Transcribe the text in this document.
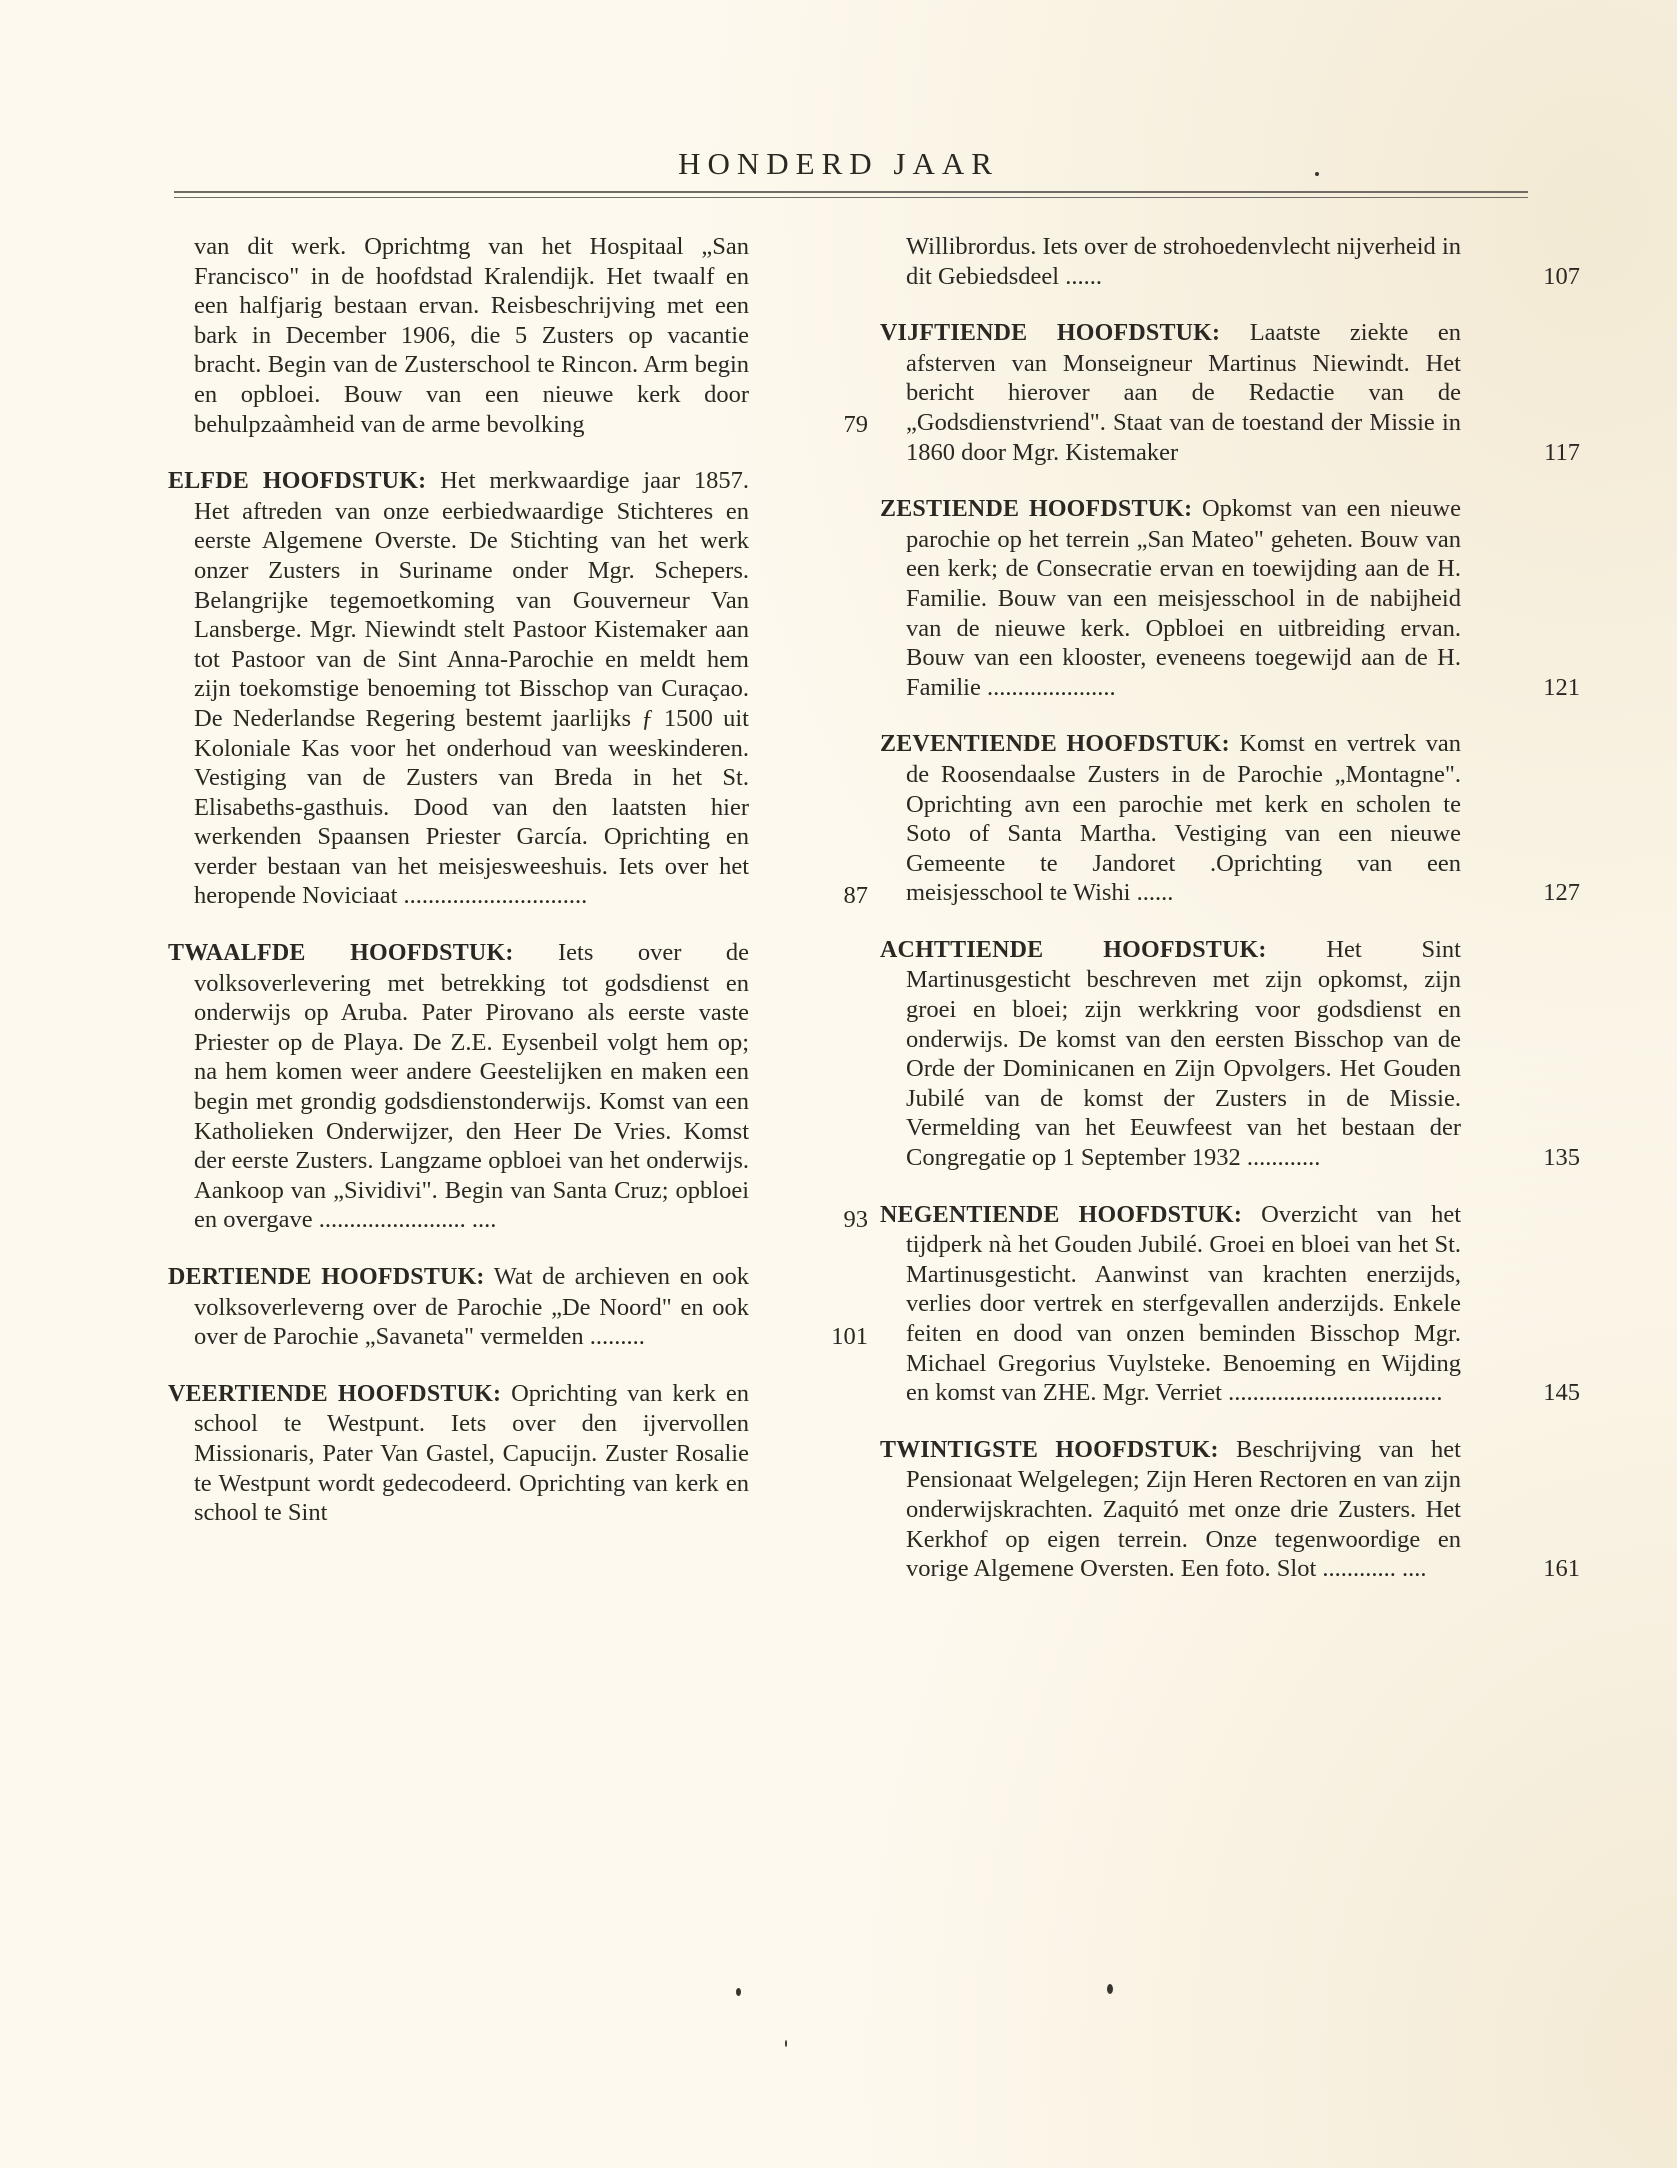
HONDERD JAAR
van dit werk. Oprichtmg van het Hospitaal „San Francisco" in de hoofdstad Kralendijk. Het twaalf en een halfjarig bestaan ervan. Reisbeschrijving met een bark in December 1906, die 5 Zusters op vacantie bracht. Begin van de Zusterschool te Rincon. Arm begin en opbloei. Bouw van een nieuwe kerk door behulpzaàmheid van de arme bevolking	79
ELFDE HOOFDSTUK: Het merkwaardige jaar 1857. Het aftreden van onze eerbiedwaardige Stichteres en eerste Algemene Overste. De Stichting van het werk onzer Zusters in Suriname onder Mgr. Schepers. Belangrijke tegemoetkoming van Gouverneur Van Lansberge. Mgr. Niewindt stelt Pastoor Kistemaker aan tot Pastoor van de Sint Anna-Parochie en meldt hem zijn toekomstige benoeming tot Bisschop van Curaçao. De Nederlandse Regering bestemt jaarlijks ƒ 1500 uit Koloniale Kas voor het onderhoud van weeskinderen. Vestiging van de Zusters van Breda in het St. Elisabeths-gasthuis. Dood van den laatsten hier werkenden Spaansen Priester García. Oprichting en verder bestaan van het meisjesweeshuis. Iets over het heropende Noviciaat ..............................	87
TWAALFDE HOOFDSTUK: Iets over de volksoverlevering met betrekking tot godsdienst en onderwijs op Aruba. Pater Pirovano als eerste vaste Priester op de Playa. De Z.E. Eysenbeil volgt hem op; na hem komen weer andere Geestelijken en maken een begin met grondig godsdienstonderwijs. Komst van een Katholieken Onderwijzer, den Heer De Vries. Komst der eerste Zusters. Langzame opbloei van het onderwijs. Aankoop van „Sividivi". Begin van Santa Cruz; opbloei en overgave ........................ ....	93
DERTIENDE HOOFDSTUK: Wat de archieven en ook volksoverleverng over de Parochie „De Noord" en ook over de Parochie „Savaneta" vermelden .........	101
VEERTIENDE HOOFDSTUK: Oprichting van kerk en school te Westpunt. Iets over den ijvervollen Missionaris, Pater Van Gastel, Capucijn. Zuster Rosalie te Westpunt wordt gedecodeerd. Oprichting van kerk en school te Sint
Willibrordus. Iets over de strohoedenvlecht nijverheid in dit Gebiedsdeel ......	107
VIJFTIENDE HOOFDSTUK: Laatste ziekte en afsterven van Monseigneur Martinus Niewindt. Het bericht hierover aan de Redactie van de „Godsdienstvriend". Staat van de toestand der Missie in 1860 door Mgr. Kistemaker	117
ZESTIENDE HOOFDSTUK: Opkomst van een nieuwe parochie op het terrein „San Mateo" geheten. Bouw van een kerk; de Consecratie ervan en toewijding aan de H. Familie. Bouw van een meisjesschool in de nabijheid van de nieuwe kerk. Opbloei en uitbreiding ervan. Bouw van een klooster, eveneens toegewijd aan de H. Familie .....................	121
ZEVENTIENDE HOOFDSTUK: Komst en vertrek van de Roosendaalse Zusters in de Parochie „Montagne". Oprichting avn een parochie met kerk en scholen te Soto of Santa Martha. Vestiging van een nieuwe Gemeente te Jandoret .Oprichting van een meisjesschool te Wishi ......	127
ACHTTIENDE HOOFDSTUK: Het Sint Martinusgesticht beschreven met zijn opkomst, zijn groei en bloei; zijn werkkring voor godsdienst en onderwijs. De komst van den eersten Bisschop van de Orde der Dominicanen en Zijn Opvolgers. Het Gouden Jubilé van de komst der Zusters in de Missie. Vermelding van het Eeuwfeest van het bestaan der Congregatie op 1 September 1932 ............	135
NEGENTIENDE HOOFDSTUK: Overzicht van het tijdperk nà het Gouden Jubilé. Groei en bloei van het St. Martinusgesticht. Aanwinst van krachten enerzijds, verlies door vertrek en sterfgevallen anderzijds. Enkele feiten en dood van onzen beminden Bisschop Mgr. Michael Gregorius Vuylsteke. Benoeming en Wijding en komst van ZHE. Mgr. Verriet ...................................	145
TWINTIGSTE HOOFDSTUK: Beschrijving van het Pensionaat Welgelegen; Zijn Heren Rectoren en van zijn onderwijskrachten. Zaquitó met onze drie Zusters. Het Kerkhof op eigen terrein. Onze tegenwoordige en vorige Algemene Oversten. Een foto. Slot ............ ....	161
